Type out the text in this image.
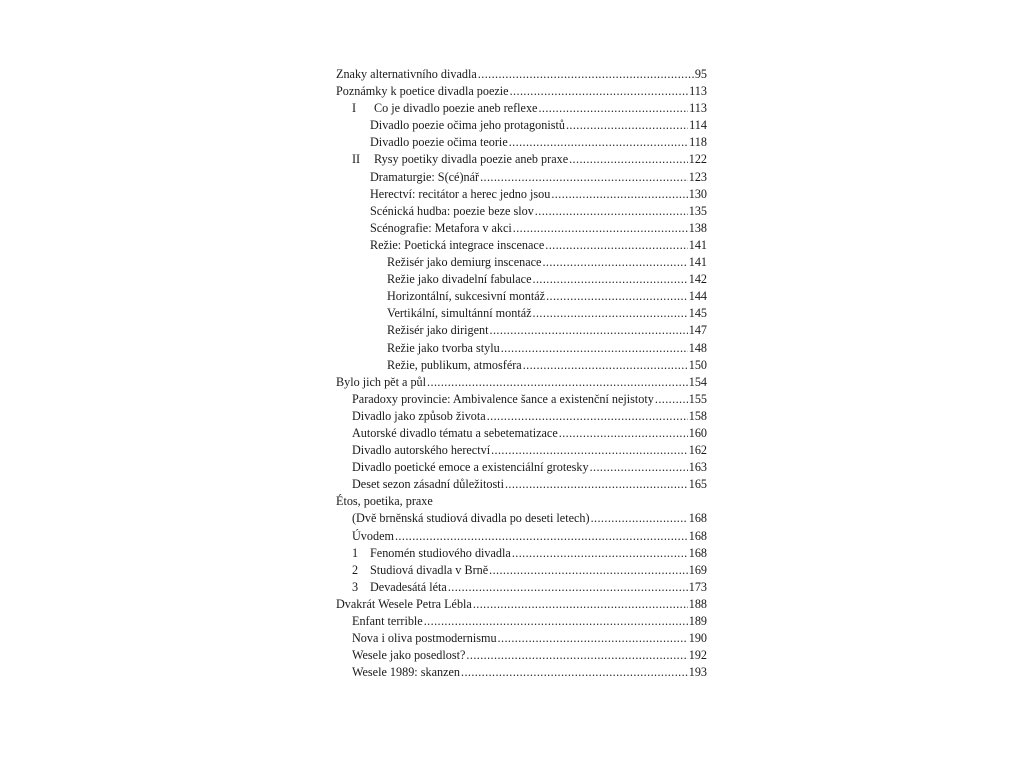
Znaky alternativního divadla .....	95
Poznámky k poetice divadla poezie .....	113
I	Co je divadlo poezie aneb reflexe .....	113
Divadlo poezie očima jeho protagonistů .....	114
Divadlo poezie očima teorie .....	118
II	Rysy poetiky divadla poezie aneb praxe .....	122
Dramaturgie: S(cé)nář .....	123
Herectví: recitátor a herec jedno jsou .....	130
Scénická hudba: poezie beze slov .....	135
Scénografie: Metafora v akci .....	138
Režie: Poetická integrace inscenace .....	141
Režisér jako demiurg inscenace .....	141
Režie jako divadelní fabulace .....	142
Horizontální, sukcesivní montáž .....	144
Vertikální, simultánní montáž .....	145
Režisér jako dirigent .....	147
Režie jako tvorba stylu .....	148
Režie, publikum, atmosféra .....	150
Bylo jich pět a půl .....	154
Paradoxy provincie: Ambivalence šance a existenční nejistoty .....	155
Divadlo jako způsob života .....	158
Autorské divadlo tématu a sebetematizace .....	160
Divadlo autorského herectví .....	162
Divadlo poetické emoce a existenciální grotesky .....	163
Deset sezon zásadní důležitosti .....	165
Étos, poetika, praxe
(Dvě brněnská studiová divadla po deseti letech) .....	168
Úvodem .....	168
1 Fenomén studiového divadla .....	168
2 Studiová divadla v Brně .....	169
3 Devadesátá léta .....	173
Dvakrát Wesele Petra Lébla .....	188
Enfant terrible .....	189
Nova i oliva postmodernismu .....	190
Wesele jako posedlost? .....	192
Wesele 1989: skanzen .....	193
